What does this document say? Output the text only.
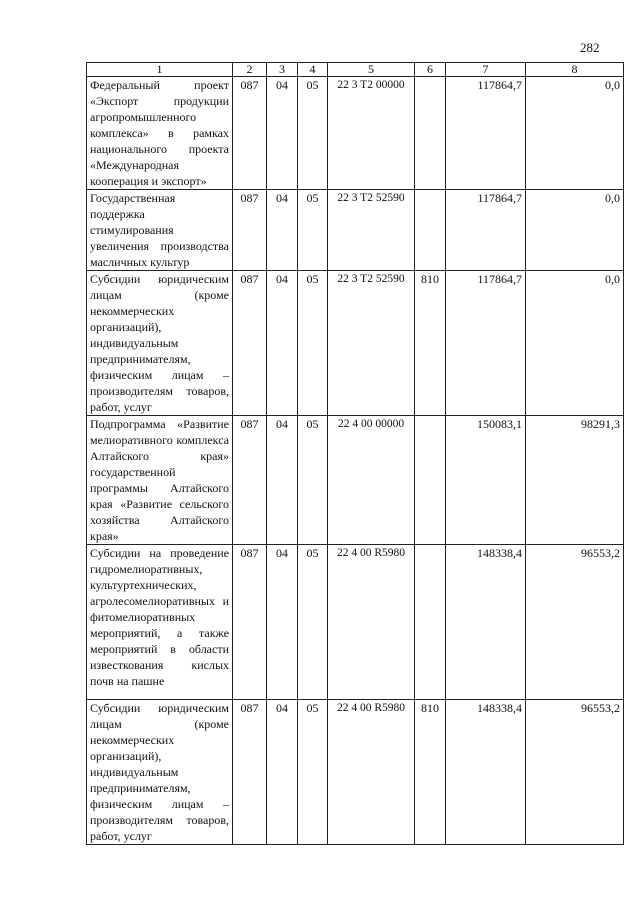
282
1	2	3	4	5	6	7	8
Федеральный проект «Экспорт продукции агропромышленного комплекса» в рамках национального проекта «Международная кооперация и экспорт»	087	04	05	22 3 T2 00000		117864,7	0,0
Государственная поддержка стимулирования увеличения производства масличных культур	087	04	05	22 3 T2 52590		117864,7	0,0
Субсидии юридическим лицам (кроме некоммерческих организаций), индивидуальным предпринимателям, физическим лицам – производителям товаров, работ, услуг	087	04	05	22 3 T2 52590	810	117864,7	0,0
Подпрограмма «Развитие мелиоративного комплекса Алтайского края» государственной программы Алтайского края «Развитие сельского хозяйства Алтайского края»	087	04	05	22 4 00 00000		150083,1	98291,3
Субсидии на проведение гидромелиоративных, культуртехнических, агролесомелиоративных и фитомелиоративных мероприятий, а также мероприятий в области известкования кислых почв на пашне	087	04	05	22 4 00 R5980		148338,4	96553,2
Субсидии юридическим лицам (кроме некоммерческих организаций), индивидуальным предпринимателям, физическим лицам – производителям товаров, работ, услуг	087	04	05	22 4 00 R5980	810	148338,4	96553,2
